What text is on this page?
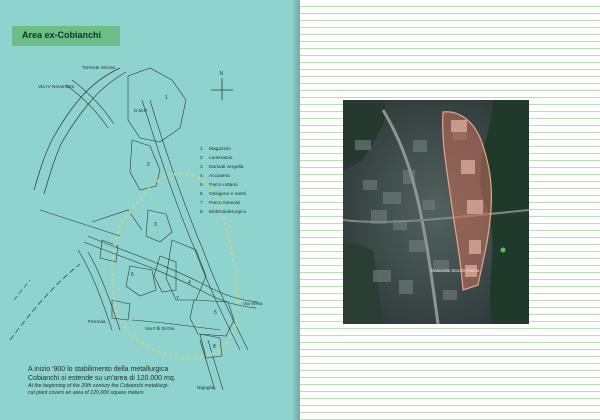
Area ex-Cobianchi
N
Torrente Strona
Via IV Novembre
D.M.P.
Via Verta
Ferrovia
Via F.lli Di Dio
Nigoglia
1
2
3
4
5
6
7
8
1 Magazzini
2 Laminatoio
3 Derivati vergella
4 Acciaieria
5 Parco rottami
6 Ossigeno e nastri
7 Parco minerali
8 Elettrosiderurgico
A inizio '900 lo stabilimento della metallurgica
Cobianchi si estende su un'area di 120.000 mq.
At the beginning of the 20th century the Cobianchi metallurgi-
cal plant covers an area of 120,000 square meters
Innocenzo Stocchi Piazza
